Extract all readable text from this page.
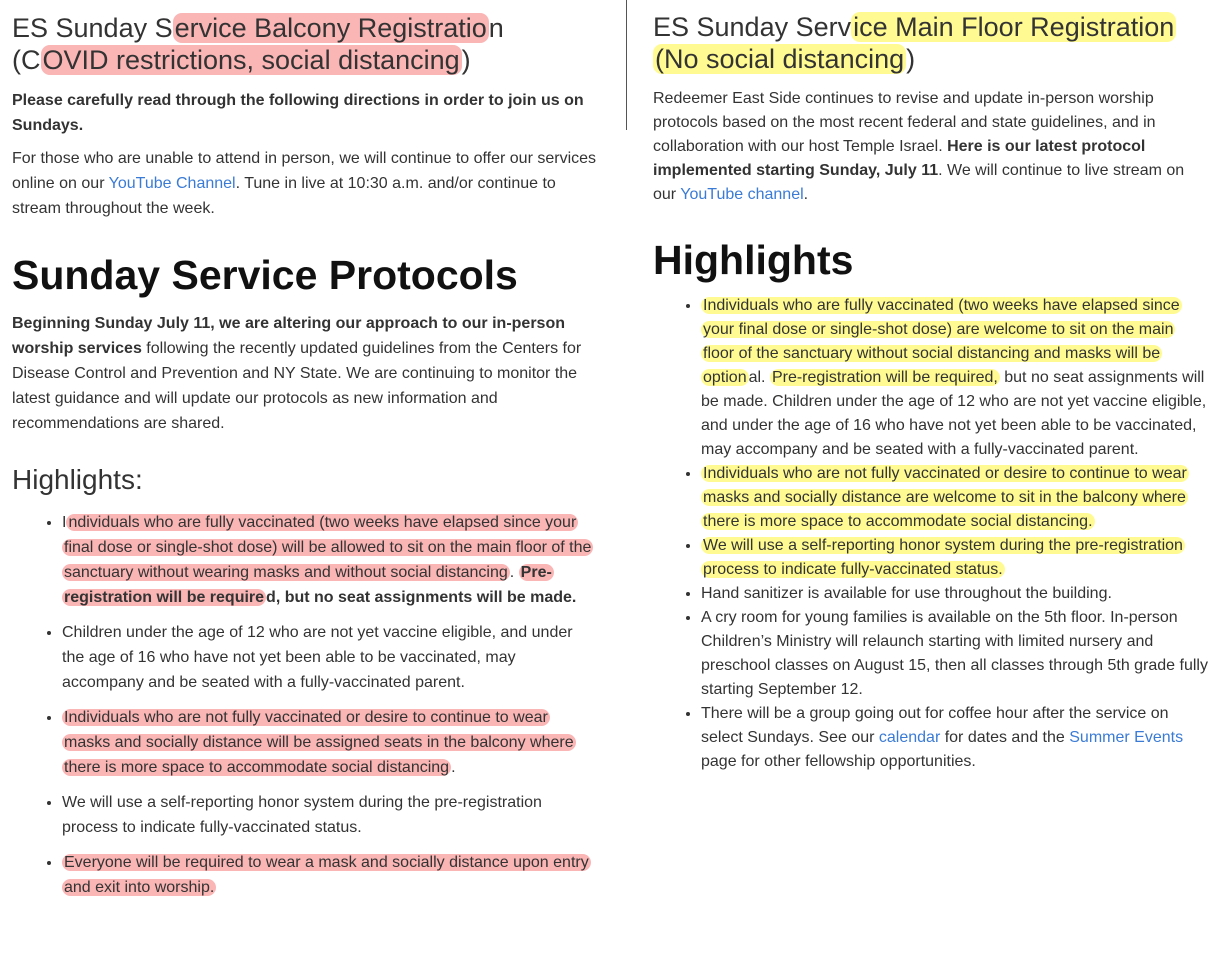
ES Sunday Service Balcony Registration
(COVID restrictions, social distancing)

Please carefully read through the following directions in order to join us on Sundays.

For those who are unable to attend in person, we will continue to offer our services online on our YouTube Channel. Tune in live at 10:30 a.m. and/or continue to stream throughout the week.

Sunday Service Protocols

Beginning Sunday July 11, we are altering our approach to our in-person worship services following the recently updated guidelines from the Centers for Disease Control and Prevention and NY State. We are continuing to monitor the latest guidance and will update our protocols as new information and recommendations are shared.

Highlights:
• I ndividuals who are fully vaccinated (two weeks have elapsed since your final dose or single-shot dose) will be allowed to sit on the main floor of the sanctuary without wearing masks and without social distancing . Pre-registration will be require d, but no seat assignments will be made.
• Children under the age of 12 who are not yet vaccine eligible, and under the age of 16 who have not yet been able to be vaccinated, may accompany and be seated with a fully-vaccinated parent.
• Individuals who are not fully vaccinated or desire to continue to wear masks and socially distance will be assigned seats in the balcony where there is more space to accommodate social distancing .
• We will use a self-reporting honor system during the pre-registration process to indicate fully-vaccinated status.
• Everyone will be required to wear a mask and socially distance upon entry and exit into worship.
ES Sunday Service Main Floor Registration (No social distancing)

Redeemer East Side continues to revise and update in-person worship protocols based on the most recent federal and state guidelines, and in collaboration with our host Temple Israel. Here is our latest protocol implemented starting Sunday, July 11. We will continue to live stream on our YouTube channel.

Highlights
• Individuals who are fully vaccinated (two weeks have elapsed since your final dose or single-shot dose) are welcome to sit on the main floor of the sanctuary without social distancing and masks will be option al. Pre-registration will be required, but no seat assignments will be made. Children under the age of 12 who are not yet vaccine eligible, and under the age of 16 who have not yet been able to be vaccinated, may accompany and be seated with a fully-vaccinated parent.
• Individuals who are not fully vaccinated or desire to continue to wear masks and socially distance are welcome to sit in the balcony where there is more space to accommodate social distancing.
• We will use a self-reporting honor system during the pre-registration process to indicate fully-vaccinated status.
• Hand sanitizer is available for use throughout the building.
• A cry room for young families is available on the 5th floor. In-person Children’s Ministry will relaunch starting with limited nursery and preschool classes on August 15, then all classes through 5th grade fully starting September 12.
• There will be a group going out for coffee hour after the service on select Sundays. See our calendar for dates and the Summer Events page for other fellowship opportunities.
